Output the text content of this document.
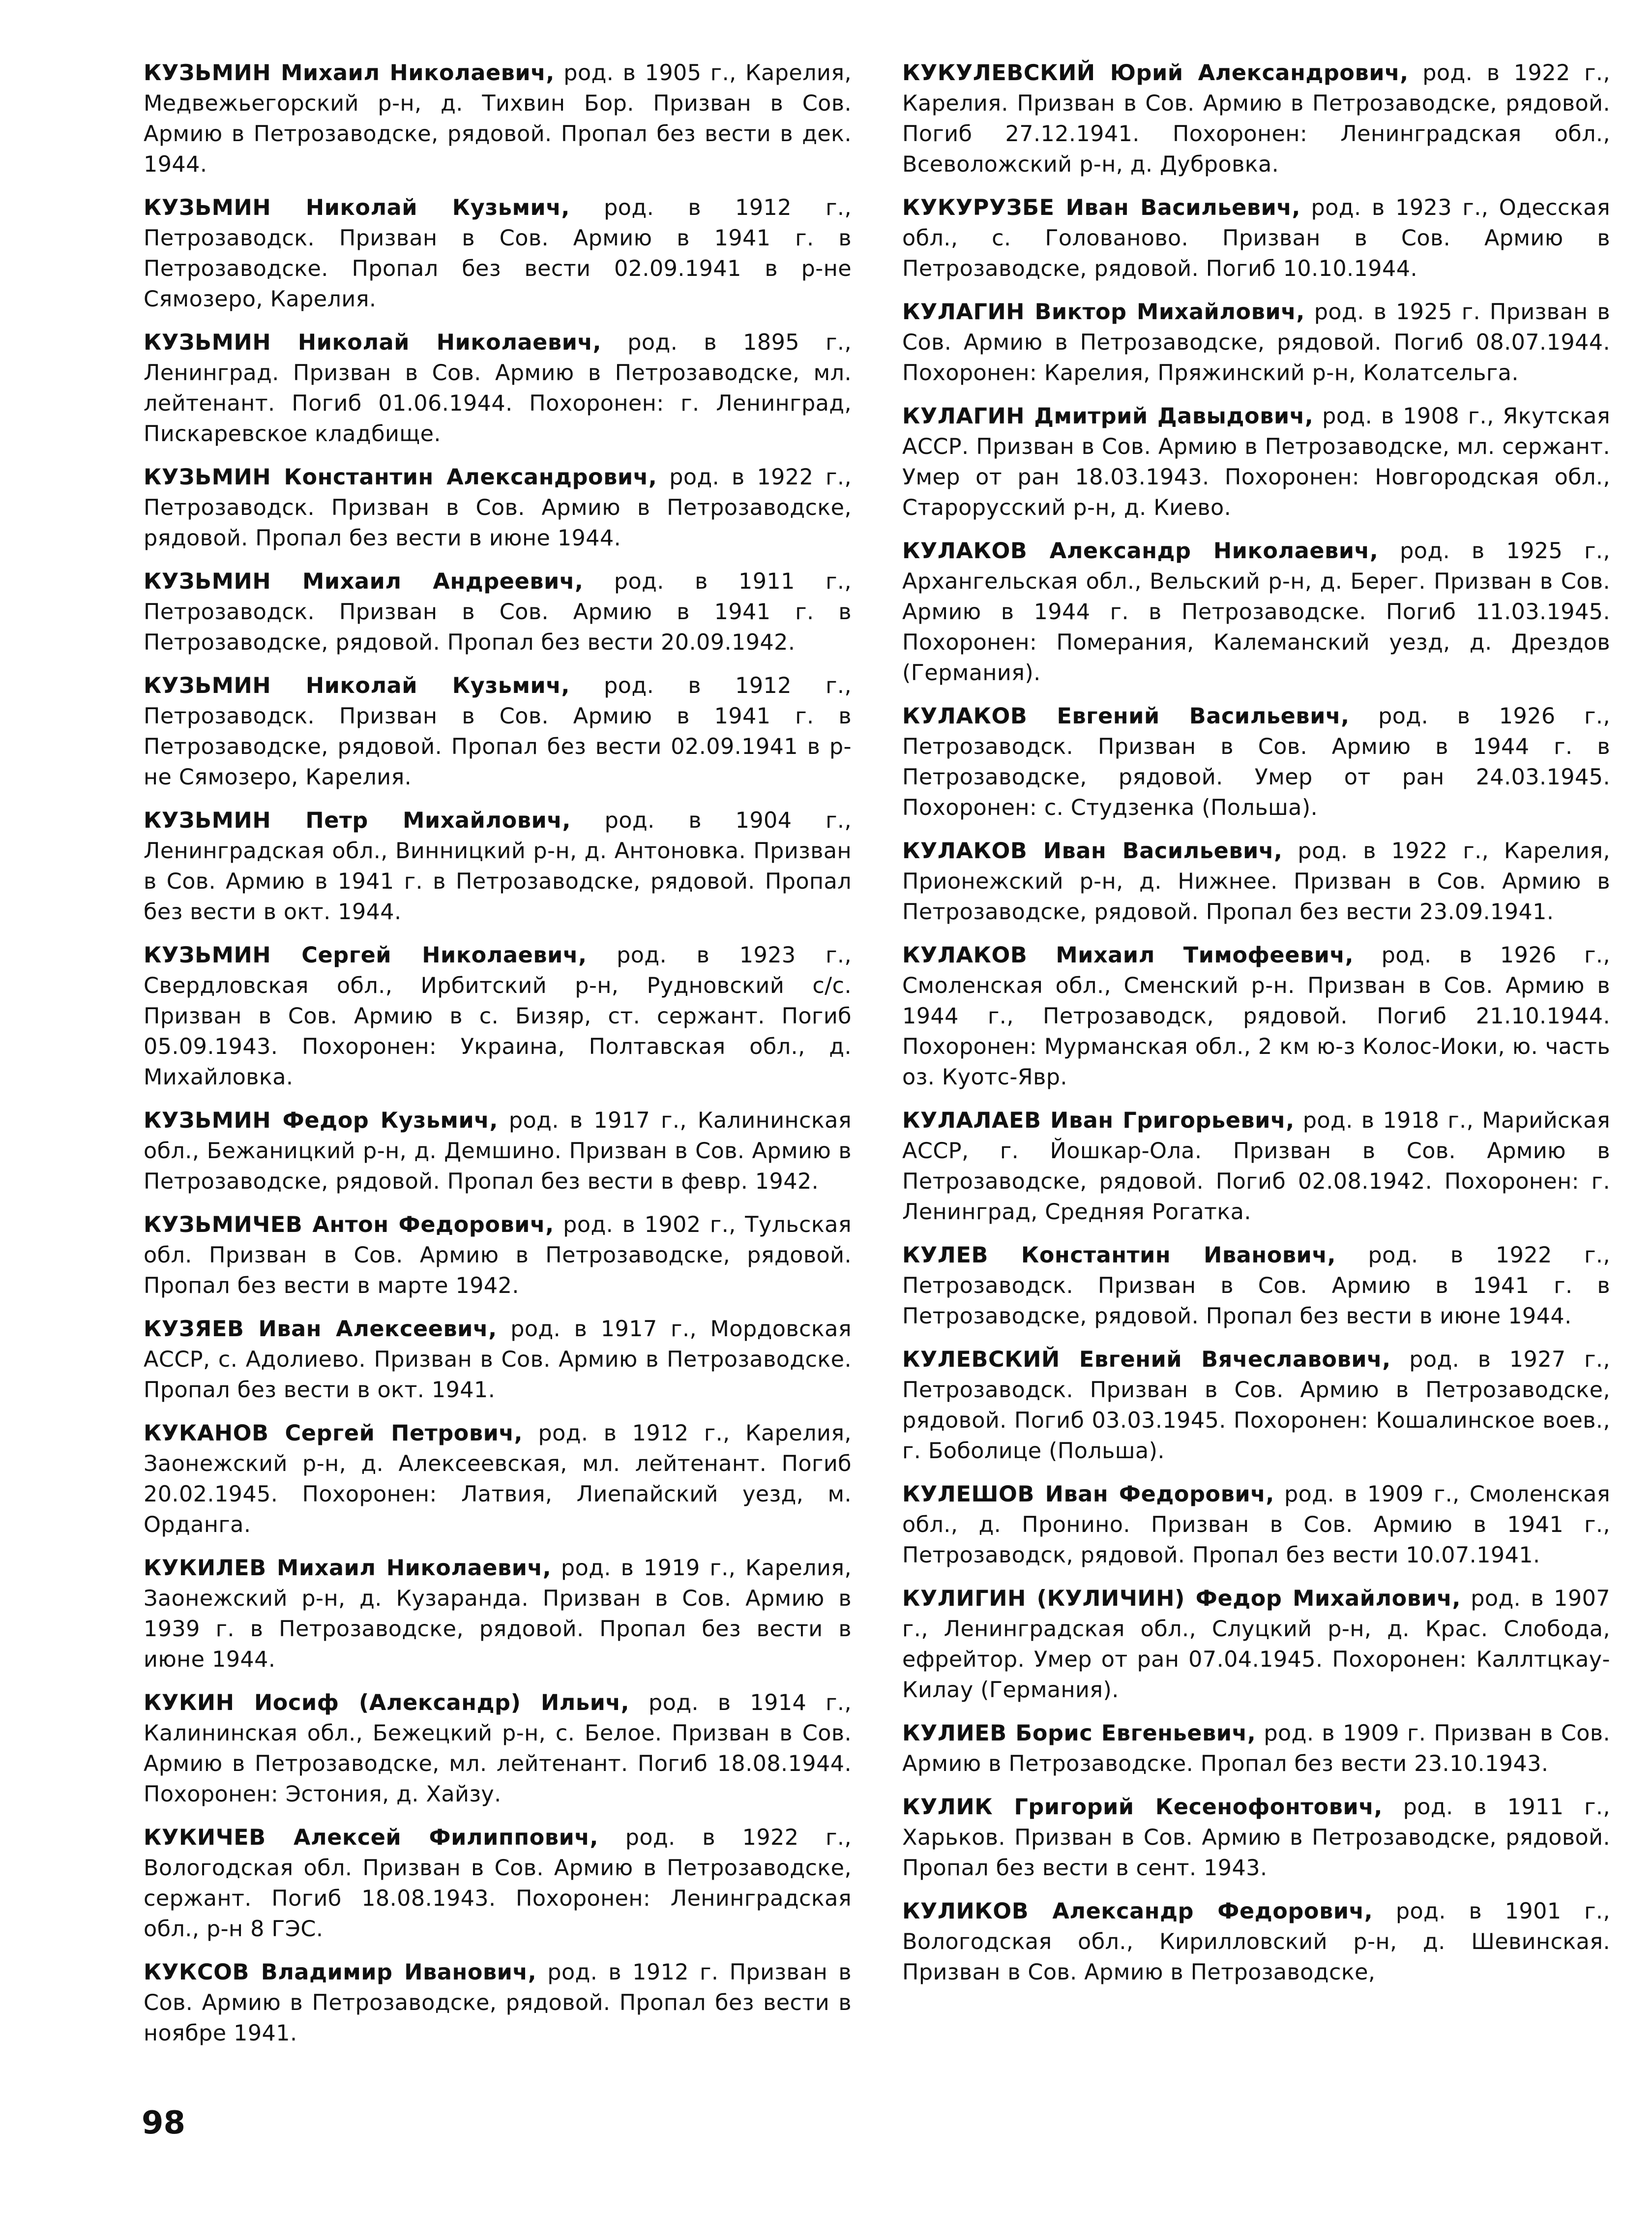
КУЗЬМИН Михаил Николаевич, род. в 1905 г., Карелия, Медвежьегорский р-н, д. Тихвин Бор. Призван в Сов. Армию в Петрозаводске, рядовой. Пропал без вести в дек. 1944.

КУЗЬМИН Николай Кузьмич, род. в 1912 г., Петрозаводск. Призван в Сов. Армию в 1941 г. в Петрозаводске. Пропал без вести 02.09.1941 в р-не Сямозеро, Карелия.

КУЗЬМИН Николай Николаевич, род. в 1895 г., Ленинград. Призван в Сов. Армию в Петрозаводске, мл. лейтенант. Погиб 01.06.1944. Похоронен: г. Ленинград, Пискаревское кладбище.

КУЗЬМИН Константин Александрович, род. в 1922 г., Петрозаводск. Призван в Сов. Армию в Петрозаводске, рядовой. Пропал без вести в июне 1944.

КУЗЬМИН Михаил Андреевич, род. в 1911 г., Петрозаводск. Призван в Сов. Армию в 1941 г. в Петрозаводске, рядовой. Пропал без вести 20.09.1942.

КУЗЬМИН Николай Кузьмич, род. в 1912 г., Петрозаводск. Призван в Сов. Армию в 1941 г. в Петрозаводске, рядовой. Пропал без вести 02.09.1941 в р-не Сямозеро, Карелия.

КУЗЬМИН Петр Михайлович, род. в 1904 г., Ленинградская обл., Винницкий р-н, д. Антоновка. Призван в Сов. Армию в 1941 г. в Петрозаводске, рядовой. Пропал без вести в окт. 1944.

КУЗЬМИН Сергей Николаевич, род. в 1923 г., Свердловская обл., Ирбитский р-н, Рудновский с/с. Призван в Сов. Армию в с. Бизяр, ст. сержант. Погиб 05.09.1943. Похоронен: Украина, Полтавская обл., д. Михайловка.

КУЗЬМИН Федор Кузьмич, род. в 1917 г., Калининская обл., Бежаницкий р-н, д. Демшино. Призван в Сов. Армию в Петрозаводске, рядовой. Пропал без вести в февр. 1942.

КУЗЬМИЧЕВ Антон Федорович, род. в 1902 г., Тульская обл. Призван в Сов. Армию в Петрозаводске, рядовой. Пропал без вести в марте 1942.

КУЗЯЕВ Иван Алексеевич, род. в 1917 г., Мордовская АССР, с. Адолиево. Призван в Сов. Армию в Петрозаводске. Пропал без вести в окт. 1941.

КУКАНОВ Сергей Петрович, род. в 1912 г., Карелия, Заонежский р-н, д. Алексеевская, мл. лейтенант. Погиб 20.02.1945. Похоронен: Латвия, Лиепайский уезд, м. Орданга.

КУКИЛЕВ Михаил Николаевич, род. в 1919 г., Карелия, Заонежский р-н, д. Кузаранда. Призван в Сов. Армию в 1939 г. в Петрозаводске, рядовой. Пропал без вести в июне 1944.

КУКИН Иосиф (Александр) Ильич, род. в 1914 г., Калининская обл., Бежецкий р-н, с. Белое. Призван в Сов. Армию в Петрозаводске, мл. лейтенант. Погиб 18.08.1944. Похоронен: Эстония, д. Хайзу.

КУКИЧЕВ Алексей Филиппович, род. в 1922 г., Вологодская обл. Призван в Сов. Армию в Петрозаводске, сержант. Погиб 18.08.1943. Похоронен: Ленинградская обл., р-н 8 ГЭС.

КУКСОВ Владимир Иванович, род. в 1912 г. Призван в Сов. Армию в Петрозаводске, рядовой. Пропал без вести в ноябре 1941.

КУКУЛЕВСКИЙ Юрий Александрович, род. в 1922 г., Карелия. Призван в Сов. Армию в Петрозаводске, рядовой. Погиб 27.12.1941. Похоронен: Ленинградская обл., Всеволожский р-н, д. Дубровка.

КУКУРУЗБЕ Иван Васильевич, род. в 1923 г., Одесская обл., с. Голованово. Призван в Сов. Армию в Петрозаводске, рядовой. Погиб 10.10.1944.

КУЛАГИН Виктор Михайлович, род. в 1925 г. Призван в Сов. Армию в Петрозаводске, рядовой. Погиб 08.07.1944. Похоронен: Карелия, Пряжинский р-н, Колатсельга.

КУЛАГИН Дмитрий Давыдович, род. в 1908 г., Якутская АССР. Призван в Сов. Армию в Петрозаводске, мл. сержант. Умер от ран 18.03.1943. Похоронен: Новгородская обл., Старорусский р-н, д. Киево.

КУЛАКОВ Александр Николаевич, род. в 1925 г., Архангельская обл., Вельский р-н, д. Берег. Призван в Сов. Армию в 1944 г. в Петрозаводске. Погиб 11.03.1945. Похоронен: Померания, Калеманский уезд, д. Дрездов (Германия).

КУЛАКОВ Евгений Васильевич, род. в 1926 г., Петрозаводск. Призван в Сов. Армию в 1944 г. в Петрозаводске, рядовой. Умер от ран 24.03.1945. Похоронен: с. Студзенка (Польша).

КУЛАКОВ Иван Васильевич, род. в 1922 г., Карелия, Прионежский р-н, д. Нижнее. Призван в Сов. Армию в Петрозаводске, рядовой. Пропал без вести 23.09.1941.

КУЛАКОВ Михаил Тимофеевич, род. в 1926 г., Смоленская обл., Сменский р-н. Призван в Сов. Армию в 1944 г., Петрозаводск, рядовой. Погиб 21.10.1944. Похоронен: Мурманская обл., 2 км ю-з Колос-Иоки, ю. часть оз. Куотс-Явр.

КУЛАЛАЕВ Иван Григорьевич, род. в 1918 г., Марийская АССР, г. Йошкар-Ола. Призван в Сов. Армию в Петрозаводске, рядовой. Погиб 02.08.1942. Похоронен: г. Ленинград, Средняя Рогатка.

КУЛЕВ Константин Иванович, род. в 1922 г., Петрозаводск. Призван в Сов. Армию в 1941 г. в Петрозаводске, рядовой. Пропал без вести в июне 1944.

КУЛЕВСКИЙ Евгений Вячеславович, род. в 1927 г., Петрозаводск. Призван в Сов. Армию в Петрозаводске, рядовой. Погиб 03.03.1945. Похоронен: Кошалинское воев., г. Боболице (Польша).

КУЛЕШОВ Иван Федорович, род. в 1909 г., Смоленская обл., д. Пронино. Призван в Сов. Армию в 1941 г., Петрозаводск, рядовой. Пропал без вести 10.07.1941.

КУЛИГИН (КУЛИЧИН) Федор Михайлович, род. в 1907 г., Ленинградская обл., Слуцкий р-н, д. Крас. Слобода, ефрейтор. Умер от ран 07.04.1945. Похоронен: Каллтцкау-Килау (Германия).

КУЛИЕВ Борис Евгеньевич, род. в 1909 г. Призван в Сов. Армию в Петрозаводске. Пропал без вести 23.10.1943.

КУЛИК Григорий Кесенофонтович, род. в 1911 г., Харьков. Призван в Сов. Армию в Петрозаводске, рядовой. Пропал без вести в сент. 1943.

КУЛИКОВ Александр Федорович, род. в 1901 г., Вологодская обл., Кирилловский р-н, д. Шевинская. Призван в Сов. Армию в Петрозаводске,

98
